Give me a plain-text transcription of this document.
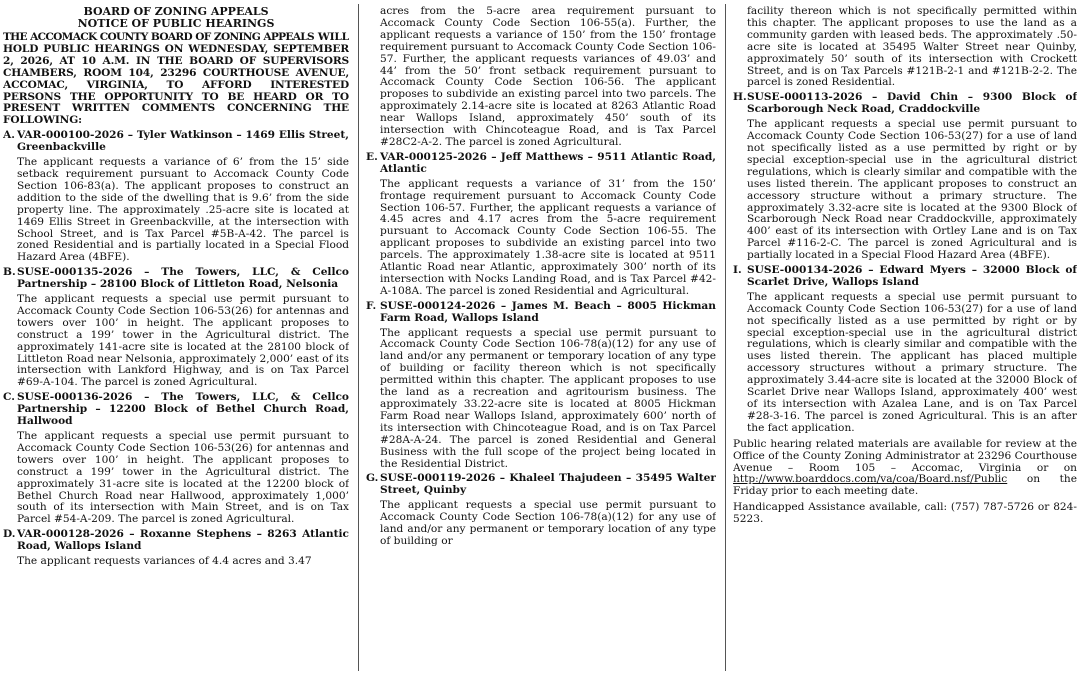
BOARD OF ZONING APPEALS
NOTICE OF PUBLIC HEARINGS
THE ACCOMACK COUNTY BOARD OF ZONING APPEALS WILL HOLD PUBLIC HEARINGS ON WEDNESDAY, SEPTEMBER 2, 2026, AT 10 A.M. IN THE BOARD OF SUPERVISORS CHAMBERS, ROOM 104, 23296 COURTHOUSE AVENUE, ACCOMAC, VIRGINIA, TO AFFORD INTERESTED PERSONS THE OPPORTUNITY TO BE HEARD OR TO PRESENT WRITTEN COMMENTS CONCERNING THE FOLLOWING:
A. VAR-000100-2026 – Tyler Watkinson – 1469 Ellis Street, Greenbackville
The applicant requests a variance of 6’ from the 15’ side setback requirement pursuant to Accomack County Code Section 106-83(a). The applicant proposes to construct an addition to the side of the dwelling that is 9.6’ from the side property line. The approximately .25-acre site is located at 1469 Ellis Street in Greenbackville, at the intersection with School Street, and is Tax Parcel #5B-A-42. The parcel is zoned Residential and is partially located in a Special Flood Hazard Area (4BFE).
B. SUSE-000135-2026 – The Towers, LLC, & Cellco Partnership – 28100 Block of Littleton Road, Nelsonia
The applicant requests a special use permit pursuant to Accomack County Code Section 106-53(26) for antennas and towers over 100’ in height. The applicant proposes to construct a 199’ tower in the Agricultural district. The approximately 141-acre site is located at the 28100 block of Littleton Road near Nelsonia, approximately 2,000’ east of its intersection with Lankford Highway, and is on Tax Parcel #69-A-104. The parcel is zoned Agricultural.
C. SUSE-000136-2026 – The Towers, LLC, & Cellco Partnership – 12200 Block of Bethel Church Road, Hallwood
The applicant requests a special use permit pursuant to Accomack County Code Section 106-53(26) for antennas and towers over 100’ in height. The applicant proposes to construct a 199’ tower in the Agricultural district. The approximately 31-acre site is located at the 12200 block of Bethel Church Road near Hallwood, approximately 1,000’ south of its intersection with Main Street, and is on Tax Parcel #54-A-209. The parcel is zoned Agricultural.
D. VAR-000128-2026 – Roxanne Stephens – 8263 Atlantic Road, Wallops Island
The applicant requests variances of 4.4 acres and 3.47
acres from the 5-acre area requirement pursuant to Accomack County Code Section 106-55(a). Further, the applicant requests a variance of 150’ from the 150’ frontage requirement pursuant to Accomack County Code Section 106-57. Further, the applicant requests variances of 49.03’ and 44’ from the 50’ front setback requirement pursuant to Accomack County Code Section 106-56. The applicant proposes to subdivide an existing parcel into two parcels. The approximately 2.14-acre site is located at 8263 Atlantic Road near Wallops Island, approximately 450’ south of its intersection with Chincoteague Road, and is Tax Parcel #28C2-A-2. The parcel is zoned Agricultural.
E. VAR-000125-2026 – Jeff Matthews – 9511 Atlantic Road, Atlantic
The applicant requests a variance of 31’ from the 150’ frontage requirement pursuant to Accomack County Code Section 106-57. Further, the applicant requests a variance of 4.45 acres and 4.17 acres from the 5-acre requirement pursuant to Accomack County Code Section 106-55. The applicant proposes to subdivide an existing parcel into two parcels. The approximately 1.38-acre site is located at 9511 Atlantic Road near Atlantic, approximately 300’ north of its intersection with Nocks Landing Road, and is Tax Parcel #42-A-108A. The parcel is zoned Residential and Agricultural.
F. SUSE-000124-2026 – James M. Beach – 8005 Hickman Farm Road, Wallops Island
The applicant requests a special use permit pursuant to Accomack County Code Section 106-78(a)(12) for any use of land and/or any permanent or temporary location of any type of building or facility thereon which is not specifically permitted within this chapter. The applicant proposes to use the land as a recreation and agritourism business. The approximately 33.22-acre site is located at 8005 Hickman Farm Road near Wallops Island, approximately 600’ north of its intersection with Chincoteague Road, and is on Tax Parcel #28A-A-24. The parcel is zoned Residential and General Business with the full scope of the project being located in the Residential District.
G. SUSE-000119-2026 – Khaleel Thajudeen – 35495 Walter Street, Quinby
The applicant requests a special use permit pursuant to Accomack County Code Section 106-78(a)(12) for any use of land and/or any permanent or temporary location of any type of building or
facility thereon which is not specifically permitted within this chapter. The applicant proposes to use the land as a community garden with leased beds. The approximately .50-acre site is located at 35495 Walter Street near Quinby, approximately 50’ south of its intersection with Crockett Street, and is on Tax Parcels #121B-2-1 and #121B-2-2. The parcel is zoned Residential.
H. SUSE-000113-2026 – David Chin – 9300 Block of Scarborough Neck Road, Craddockville
The applicant requests a special use permit pursuant to Accomack County Code Section 106-53(27) for a use of land not specifically listed as a use permitted by right or by special exception-special use in the agricultural district regulations, which is clearly similar and compatible with the uses listed therein. The applicant proposes to construct an accessory structure without a primary structure. The approximately 3.32-acre site is located at the 9300 Block of Scarborough Neck Road near Craddockville, approximately 400’ east of its intersection with Ortley Lane and is on Tax Parcel #116-2-C. The parcel is zoned Agricultural and is partially located in a Special Flood Hazard Area (4BFE).
I. SUSE-000134-2026 – Edward Myers – 32000 Block of Scarlet Drive, Wallops Island
The applicant requests a special use permit pursuant to Accomack County Code Section 106-53(27) for a use of land not specifically listed as a use permitted by right or by special exception-special use in the agricultural district regulations, which is clearly similar and compatible with the uses listed therein. The applicant has placed multiple accessory structures without a primary structure. The approximately 3.44-acre site is located at the 32000 Block of Scarlet Drive near Wallops Island, approximately 400’ west of its intersection with Azalea Lane, and is on Tax Parcel #28-3-16. The parcel is zoned Agricultural. This is an after the fact application.
Public hearing related materials are available for review at the Office of the County Zoning Administrator at 23296 Courthouse Avenue – Room 105 – Accomac, Virginia or on http://www.boarddocs.com/va/coa/Board.nsf/Public on the Friday prior to each meeting date.
Handicapped Assistance available, call: (757) 787-5726 or 824-5223.
